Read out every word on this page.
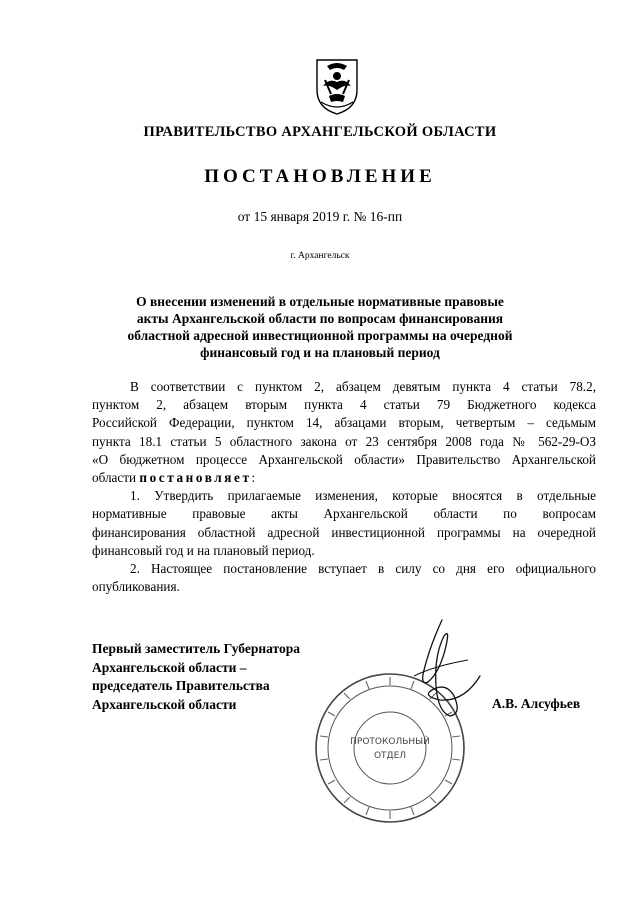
ПРАВИТЕЛЬСТВО АРХАНГЕЛЬСКОЙ ОБЛАСТИ
ПОСТАНОВЛЕНИЕ
от 15 января 2019 г. № 16-пп
г. Архангельск
О внесении изменений в отдельные нормативные правовые
акты Архангельской области по вопросам финансирования
областной адресной инвестиционной программы на очередной
финансовый год и на плановый период
В соответствии с пунктом 2, абзацем девятым пункта 4 статьи 78.2,
пунктом 2, абзацем вторым пункта 4 статьи 79 Бюджетного кодекса
Российской Федерации, пунктом 14, абзацами вторым, четвертым – седьмым
пункта 18.1 статьи 5 областного закона от 23 сентября 2008 года № 562-29-ОЗ
«О бюджетном процессе Архангельской области» Правительство Архангельской
области постановляет:
1. Утвердить прилагаемые изменения, которые вносятся в отдельные
нормативные правовые акты Архангельской области по вопросам
финансирования областной адресной инвестиционной программы на очередной
финансовый год и на плановый период.
2. Настоящее постановление вступает в силу со дня его официального
опубликования.
Первый заместитель Губернатора
Архангельской области –
председатель Правительства
Архангельской области	А.В. Алсуфьев
ПРОТОКОЛЬНЫЙ
ОТДЕЛ
